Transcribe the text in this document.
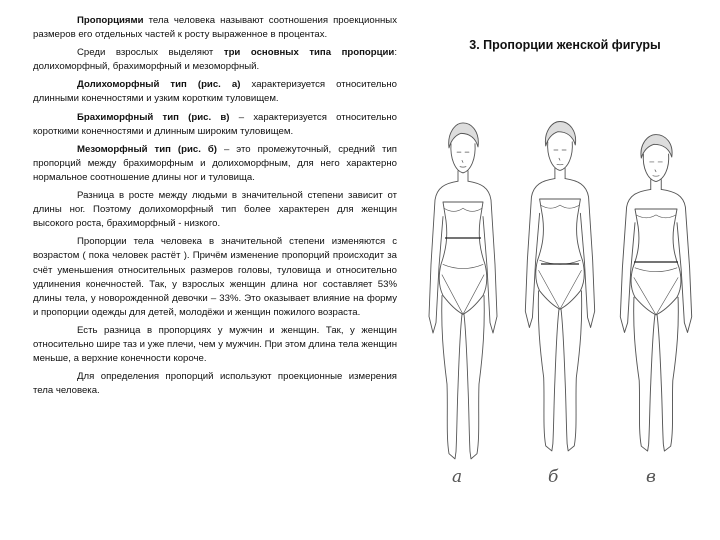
Пропорциями тела человека называют соотношения проекционных размеров его отдельных частей к росту выраженное в процентах.

Среди взрослых выделяют три основных типа пропорции: долихоморфный, брахиморфный и мезоморфный.

Долихоморфный тип (рис. а) характеризуется относительно длинными конечностями и узким коротким туловищем.

Брахиморфный тип (рис. в) – характеризуется относительно короткими конечностями и длинным широким туловищем.

Мезоморфный тип (рис. б) – это промежуточный, средний тип пропорций между брахиморфным и долихоморфным, для него характерно нормальное соотношение длины ног и туловища.

Разница в росте между людьми в значительной степени зависит от длины ног. Поэтому долихоморфный тип более характерен для женщин высокого роста, брахиморфный - низкого.

Пропорции тела человека в значительной степени изменяются с возрастом ( пока человек растёт ). Причём изменение пропорций происходит за счёт уменьшения относительных размеров головы, туловища и относительно удлинения конечностей. Так, у взрослых женщин длина ног составляет 53% длины тела, у новорожденной девочки – 33%. Это оказывает влияние на форму и пропорции одежды для детей, молодёжи и женщин пожилого возраста.

Есть разница в пропорциях у мужчин и женщин. Так, у женщин относительно шире таз и уже плечи, чем у мужчин. При этом длина тела женщин меньше, а верхние конечности короче.

Для определения пропорций используют проекционные измерения тела человека.

3. Пропорции женской фигуры
а	б	в
